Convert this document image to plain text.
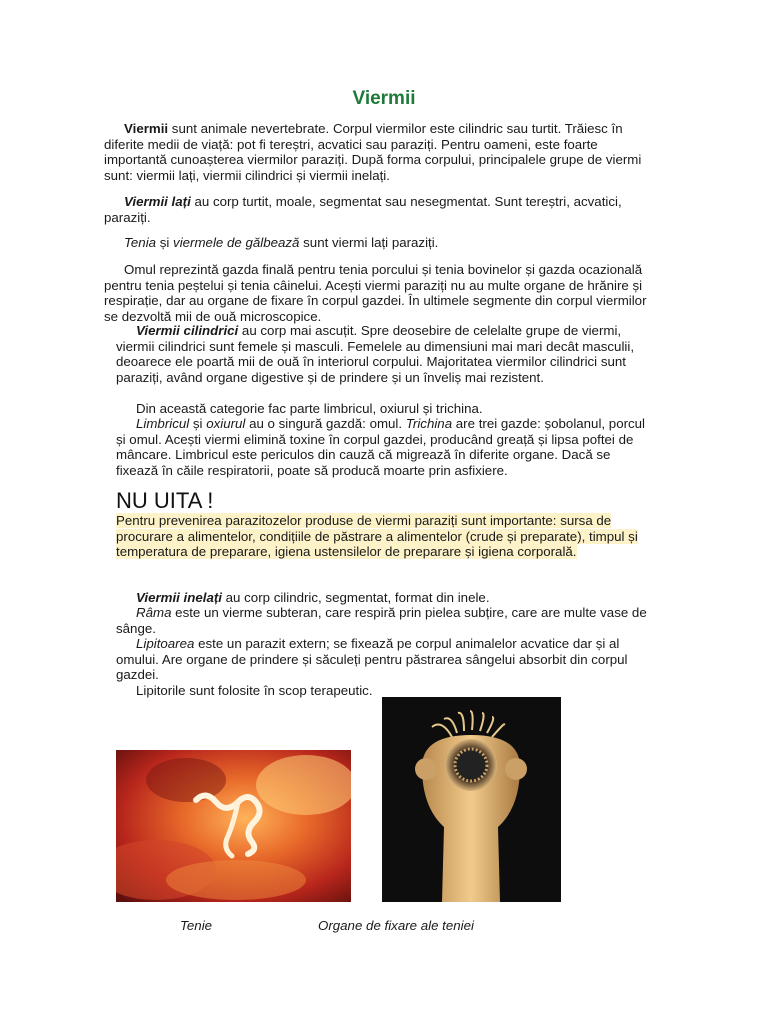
Viermii

Viermii sunt animale nevertebrate. Corpul viermilor este cilindric sau turtit. Trăiesc în diferite medii de viață: pot fi tereștri, acvatici sau paraziți. Pentru oameni, este foarte importantă cunoașterea viermilor paraziți. După forma corpului, principalele grupe de viermi sunt: viermii lați, viermii cilindrici și viermii inelați.

Viermii lați au corp turtit, moale, segmentat sau nesegmentat. Sunt tereștri, acvatici, paraziți.

Tenia și viermele de gălbează sunt viermi lați paraziți.

Omul reprezintă gazda finală pentru tenia porcului și tenia bovinelor și gazda ocazională pentru tenia peștelui și tenia câinelui. Acești viermi paraziți nu au multe organe de hrănire și respirație, dar au organe de fixare în corpul gazdei. În ultimele segmente din corpul viermilor se dezvoltă mii de ouă microscopice.

Viermii cilindrici au corp mai ascuțit. Spre deosebire de celelalte grupe de viermi, viermii cilindrici sunt femele și masculi. Femelele au dimensiuni mai mari decât masculii, deoarece ele poartă mii de ouă în interiorul corpului. Majoritatea viermilor cilindrici sunt paraziți, având organe digestive și de prindere și un înveliș mai rezistent.

Din această categorie fac parte limbricul, oxiurul și trichina.

Limbricul și oxiurul au o singură gazdă: omul. Trichina are trei gazde: șobolanul, porcul și omul. Acești viermi elimină toxine în corpul gazdei, producând greață și lipsa poftei de mâncare. Limbricul este periculos din cauză că migrează în diferite organe. Dacă se fixează în căile respiratorii, poate să producă moarte prin asfixiere.

NU UITA !

Pentru prevenirea parazitozelor produse de viermi paraziți sunt importante: sursa de procurare a alimentelor, condițiile de păstrare a alimentelor (crude și preparate), timpul și temperatura de preparare, igiena ustensilelor de preparare și igiena corporală.

Viermii inelați au corp cilindric, segmentat, format din inele.

Râma este un vierme subteran, care respiră prin pielea subțire, care are multe vase de sânge.

Lipitoarea este un parazit extern; se fixează pe corpul animalelor acvatice dar și al omului. Are organe de prindere și săculeți pentru păstrarea sângelui absorbit din corpul gazdei.

Lipitorile sunt folosite în scop terapeutic.

Tenie	Organe de fixare ale teniei
